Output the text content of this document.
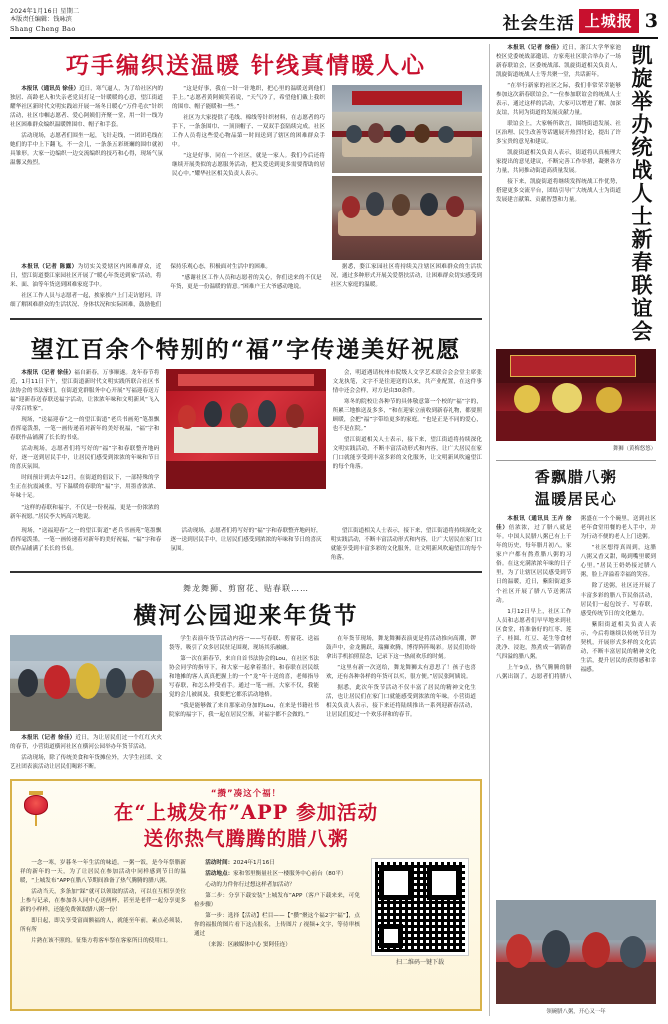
2024年1月16日 星期二
本版责任编辑：钱咏滨
Shang Cheng Bao	社会生活 上城报 3
巧手编织送温暖 针线真情暖人心

本报讯（通讯员 徐佳）近日，寒气逼人，为了给社区内的独居、高龄老人和失亲老党员打足一针暖暖的心意，望江街道耀华社区新时代文明实践站开展一场冬日暖心“万件毛衣”针织活动，社区巾帼志愿者、爱心阿姨们齐聚一堂，用一针一线为社区困难群众编织温暖牌围巾、帽子和手套。

活动现场，志愿者们围坐一起，飞针走线，一团团毛线在她们的手中上下翻飞，不一会儿，一条条五彩斑斓的围巾就初具雏形。大家一边编织一边交流编织的技巧和心得，现场气氛温馨又热烈。

“这是好事，我在一针一针地织，把心里的温暖送到他们手上。”志愿者黄阿姨笑着说，“天气冷了，希望他们戴上我织的围巾、帽子能暖和一些。”

社区为大家提供了毛线、棉线等针织材料，在志愿者的巧手下，一条条围巾、一顶顶帽子、一双双手套陆续完成。社区工作人员将这些爱心物品第一时间送到了辖区的困难群众手中。

“这是好事，同在一个社区，就是一家人。我们今后还将继续开展类似的志愿服务活动，把关爱送到更多需要帮助的居民心中。”耀华社区相关负责人表示。

本报讯（记者 陈露）为切实关爱辖区内困难群众，近日，望江街道婺江家园社区开展了“暖心年货送到家”活动，将米、面、油等年货送到困难家庭手中。

社区工作人员与志愿者一起，挨家挨户上门走访慰问，详细了解困难群众的生活状况、身体状况和实际困难，鼓励他们保持乐观心态，积极面对生活中的困难。

“感谢社区工作人员和志愿者的关心，你们送来的不仅是年货，更是一份温暖的情意。”困难户王大爷感动地说。

据悉，婺江家园社区将持续关注辖区困难群众的生活状况，通过多种形式开展关爱帮扶活动，让困难群众切实感受到社区大家庭的温暖。

望江百余个特别的“福”字传递美好祝愿

本报讯（记者 徐佳）福自新春，万事顺遂。龙年春节将近，1月11日下午，望江街道新时代文明实践所联合社区书法协会的书法家们，在街道党群服务中心开展“写福迎春送万福”迎新春送春联送福字活动，让浓浓年味和文明新风“飞入寻常百姓家”。

现场，“送福迎春”之一的望江街道“老兵书画苑”笔墨飘香挥毫泼墨，一笔一画传递着对新年的美好祝福，“福”字和春联作品铺满了长长的书桌。

活动现场，志愿者们将写好的“福”字和春联整齐地码好，逐一送到居民手中，让居民们感受到浓浓的年味和节日的喜庆氛围。

时间预计到去年12月，在街道的倡议下，一部特殊的学生正在抗震减重，写下温暖的春联的“福”字，用墨香浓浓、年味十足。

“这样的春联和福字，不仅是一份祝福，更是一份浓浓的新年祝愿。”居民李大妈高兴地说。

会，明道遇请杭州市院级人文学艺术联合会会堂主席张文龙执笔，文字不是往迎送的以来，共产业配置，在这件事情中还会会样，对方是由30余件。

寒冬的院校让各种节的具体敬意第一个校的“福”字的，所累三地推送及多多，“和在迎家立前收到新春礼物，都要照顾暖，会把“福”字带给更多的家庭。“也是正是不同的爱心，也不是在院。”

望江街道相关人士表示，接下来，望江街道将持续深化文明实践活动，不断丰富活动形式和内容，让广大居民在家门口就能享受到丰富多彩的文化服务，让文明新风吹遍望江的每个角落。

现场，“送福迎春”之一的望江街道“老兵书画苑”笔墨飘香挥毫泼墨，一笔一画传递着对新年的美好祝福，“福”字和春联作品铺满了长长的书桌。

活动现场，志愿者们将写好的“福”字和春联整齐地码好，逐一送到居民手中，让居民们感受到浓浓的年味和节日的喜庆氛围。

望江街道相关人士表示，接下来，望江街道将持续深化文明实践活动，不断丰富活动形式和内容，让广大居民在家门口就能享受到丰富多彩的文化服务，让文明新风吹遍望江的每个角落。

舞龙舞狮、剪窗花、贴春联……
横河公园迎来年货节

本报讯（记者 徐佳）近日，为让居民们过一个红红火火的春节，小营街道横河社区在横河公园举办年货节活动。

活动现场，除了传统美食和年货摊位外，大学生社团、文艺社团表演活动让居民们喝彩不断。

学生表演年货节活动内容一——写春联、剪窗花、送福袋等，吸引了众多居民驻足围观，现场其乐融融。

第一次在新春节，来自自首书法协会的Lou，在社区书法协会同学的指导下，和大家一起拿着墨汁，和春联在居民纸和地摊的客人真真把握上的一个“龙”年十送的喜，老师指导写春联，和怎么样受看手。通过一笔一画，大家不仅，我能觉的会儿被属及，我要把它都乐活动地格。

“我是能够做了来自那家动身加的Lou，在来是书籍社书院家的福字下，我一起在居民空寨，对福字都不会做的。”

在年货节现场，舞龙舞狮表演更是将活动推向高潮，锣鼓声中，金龙腾跃，瑞狮欢腾，博得阵阵喝彩。居民们纷纷拿出手机拍照留念，记录下这一热闹欢乐的时刻。

“这里有新一次送给，舞龙舞狮太有意思了！孩子也喜欢，还有各种各样的年货可以买，很方便。”居民张阿姨说。

据悉，此次年货节活动不仅丰富了居民的精神文化生活，也让居民们在家门口就能感受到浓浓的年味。小营街道相关负责人表示，接下来还将陆续推出一系列迎新春活动，让居民们度过一个欢乐祥和的春节。

“攒”凑这个福！
在“上城发布”APP 参加活动
送你热气腾腾的腊八粥

一念一寒，岁暮冬一年生活的味道。一粥一饭，是今年祭腊新祥的新年的一天，为了让居民在参加活动中同样感到节日的温暖，“上城发布”APP在腊八节期间准备了热气腾腾的腊八粥。

活动当天，多条加“踩”就可以领取的活动，可以在互相享美位上参与记录，在参加各人同中心送两杯，甚至是老伴一起分享更多新的小样样，还能免费领取腊八粥一份！

即日起，即关享受富面额福的人，就能至年前，素点必须装，所有所

片熟在该不照的。征集方将客车祭在客家所日的使用口。

活动时间：2024年1月16日

活动地点：家和邻里衡量社区一楼服务中心前台（80平）

心动的力件你行过想这样者加活动？

第二步：分享下载安装“上城发布”APP（客户下载来来，可免检步骤）

第一步：选择【活动】栏目——【“攒”聚这个福2字“福”】，点你的福报的图片看下这点报名，上传图片 / 视频+文字，等待审核通过

（来源：区融媒体中心 窦阿佳连）

扫二维码一键下载

本报讯（记者 徐佳）近日，浙江大学华家池校区党委统战部邀请、方家苑社区联合举办了一场新春联谊会，区委统战部、凯旋街道相关负责人，凯旋街道统战人士等共聚一堂，共话新年。

“在举行新家的社区之际，我们非常荣幸能够参加这次新春联谊会。”一位参加联谊会的统战人士表示，通过这样的活动，大家可以增进了解、加深友谊，共同为街道的发展贡献力量。

联谊会上，大家畅所欲言，围绕街道发展、社区治理、民生改善等话题展开热烈讨论，提出了许多宝贵的意见和建议。

凯旋街道相关负责人表示，街道将认真梳理大家提出的意见建议，不断完善工作举措，凝聚各方力量，共同推动街道高质量发展。

接下来，凯旋街道将继续发挥统战工作优势，搭建更多交流平台，团结引导广大统战人士为街道发展建言献策、贡献智慧和力量。	凯旋举办统战人士新春联谊会
舞狮（黄梅悠悠）
香飘腊八粥
温暖居民心

本报讯（通讯员 王卉 徐佳）倍浓浓，过了腊八就是年。中国人民腊八粥已有上千年的历史，每年腊月初八，家家户户都有熬煮腊八粥的习俗。在这充满浓浓年味的日子里，为了让辖区居民感受到节日的温暖，近日，紫阳街道多个社区开展了腊八节送粥活动。

1月12日早上，社区工作人员和志愿者们早早地来到社区食堂，将准备好的红枣、莲子、桂圆、红豆、花生等食材洗净、浸泡，熬煮成一锅锅香气四溢的腊八粥。

上午9点，热气腾腾的腊八粥出锅了，志愿者们将腊八粥盛在一个个碗里，送到社区老年食堂用餐的老人手中，并为行动不便的老人上门送粥。

“社区想得真周到，这腊八粥又香又甜，喝到嘴里暖到心里。”居民王奶奶接过腊八粥，脸上洋溢着幸福的笑容。

除了送粥，社区还开展了丰富多彩的腊八节民俗活动，居民们一起包饺子、写春联，感受传统节日的文化魅力。

紫阳街道相关负责人表示，今后将继续以传统节日为契机，开展形式多样的文化活动，不断丰富居民的精神文化生活，提升居民的获得感和幸福感。

领碗腊八粥，开心又一年
